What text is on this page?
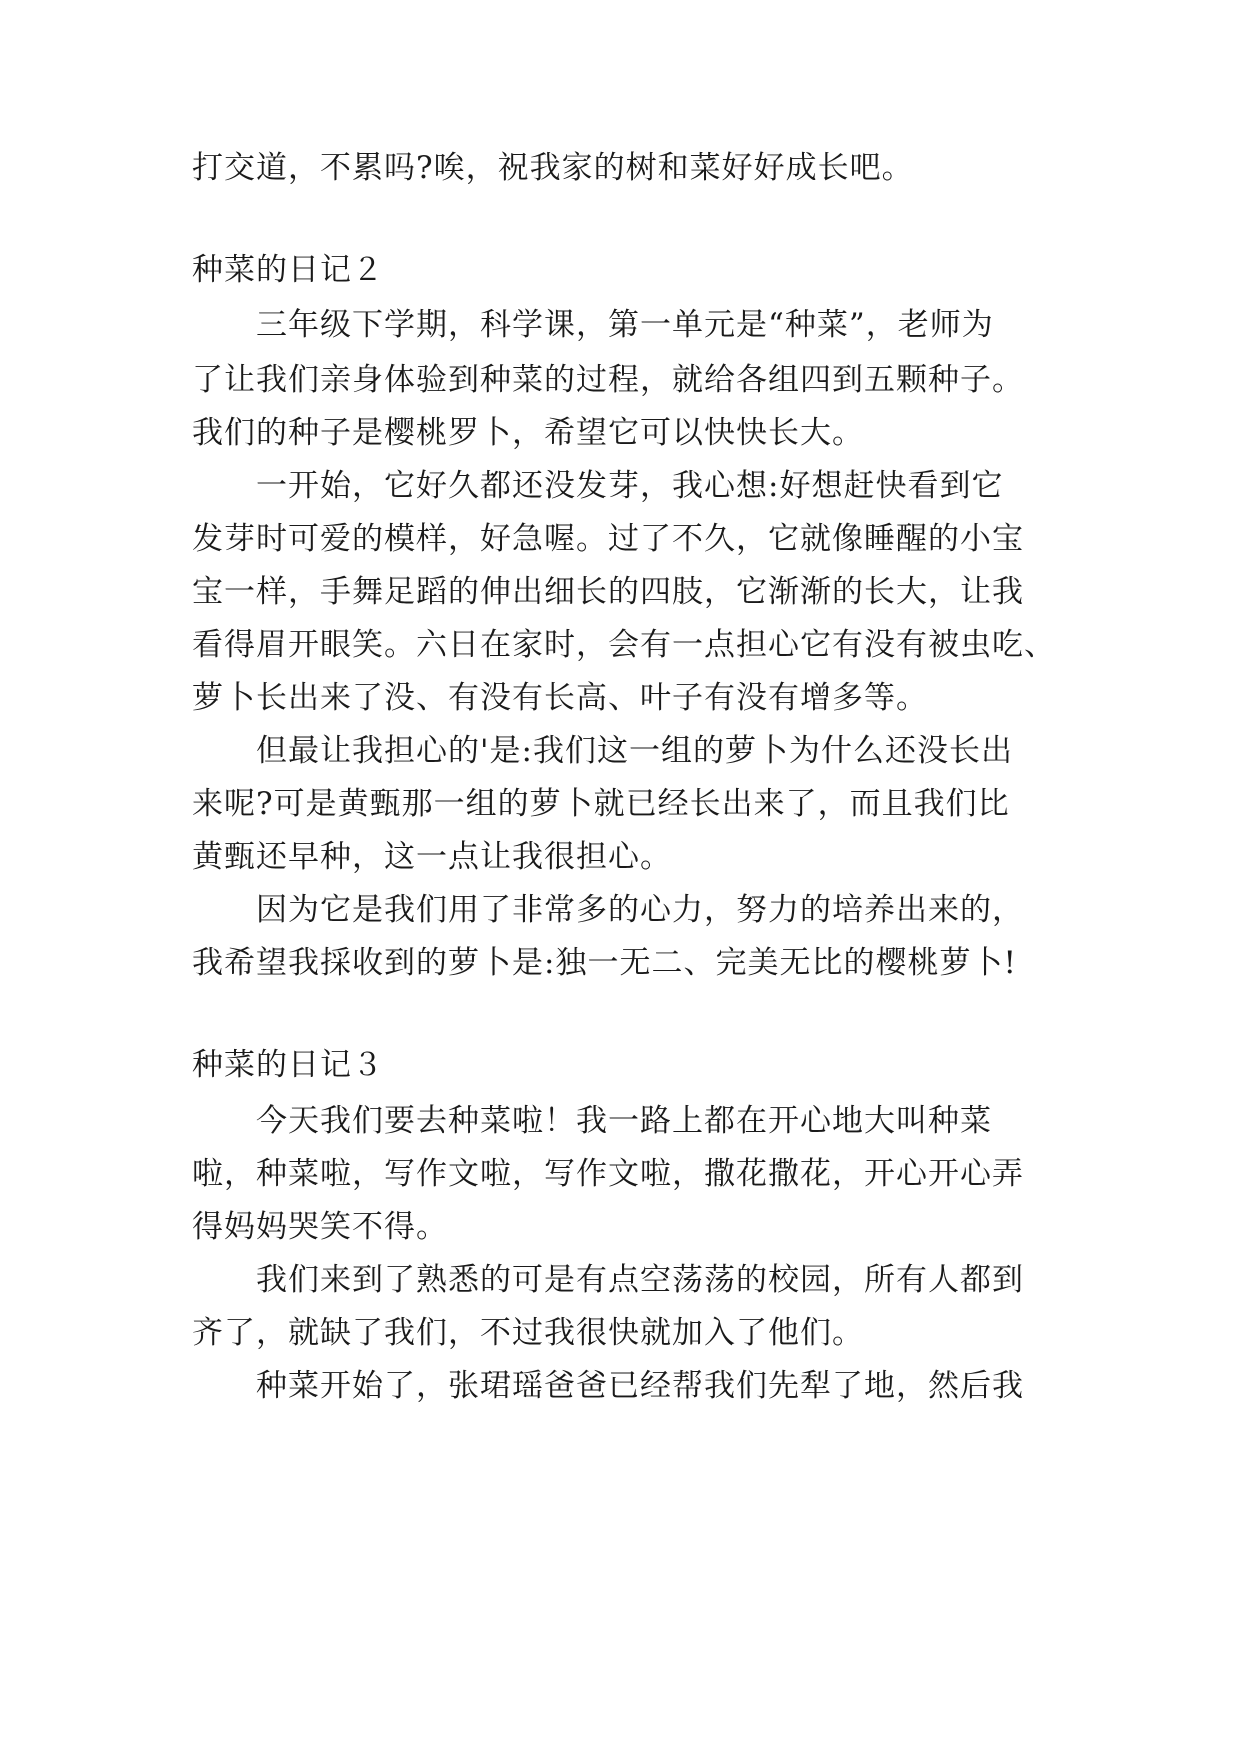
打交道，不累吗?唉，祝我家的树和菜好好成长吧。
种菜的日记２
三年级下学期，科学课，第一单元是“种菜”，老师为
了让我们亲身体验到种菜的过程，就给各组四到五颗种子。
我们的种子是樱桃罗卜，希望它可以快快长大。
一开始，它好久都还没发芽，我心想:好想赶快看到它
发芽时可爱的模样，好急喔。过了不久，它就像睡醒的小宝
宝一样，手舞足蹈的伸出细长的四肢，它渐渐的长大，让我
看得眉开眼笑。六日在家时，会有一点担心它有没有被虫吃、
萝卜长出来了没、有没有长高、叶子有没有增多等。
但最让我担心的'是:我们这一组的萝卜为什么还没长出
来呢?可是黄甄那一组的萝卜就已经长出来了，而且我们比
黄甄还早种，这一点让我很担心。
因为它是我们用了非常多的心力，努力的培养出来的，
我希望我採收到的萝卜是:独一无二、完美无比的樱桃萝卜!
种菜的日记３
今天我们要去种菜啦！我一路上都在开心地大叫种菜
啦，种菜啦，写作文啦，写作文啦，撒花撒花，开心开心弄
得妈妈哭笑不得。
我们来到了熟悉的可是有点空荡荡的校园，所有人都到
齐了，就缺了我们，不过我很快就加入了他们。
种菜开始了，张珺瑶爸爸已经帮我们先犁了地，然后我
